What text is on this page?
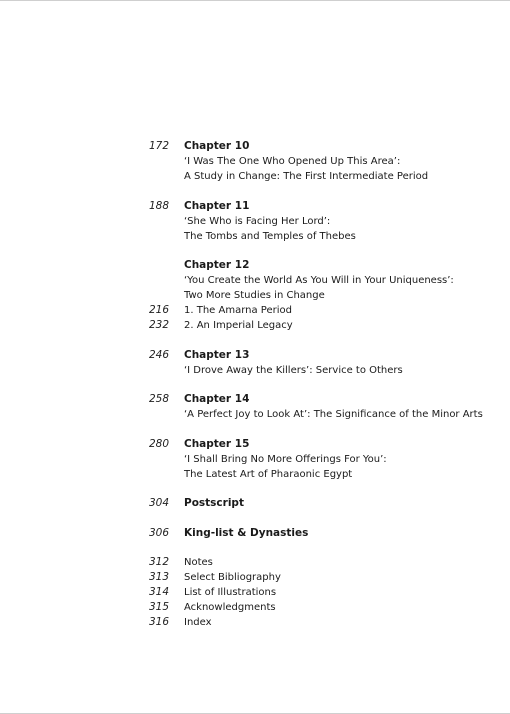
172	Chapter 10
‘I Was The One Who Opened Up This Area’:
A Study in Change: The First Intermediate Period
188	Chapter 11
‘She Who is Facing Her Lord’:
The Tombs and Temples of Thebes
Chapter 12
‘You Create the World As You Will in Your Uniqueness’:
Two More Studies in Change
216	1. The Amarna Period
232	2. An Imperial Legacy
246	Chapter 13
‘I Drove Away the Killers’: Service to Others
258	Chapter 14
‘A Perfect Joy to Look At’: The Significance of the Minor Arts
280	Chapter 15
‘I Shall Bring No More Offerings For You’:
The Latest Art of Pharaonic Egypt
304	Postscript
306	King-list & Dynasties
312	Notes
313	Select Bibliography
314	List of Illustrations
315	Acknowledgments
316	Index
